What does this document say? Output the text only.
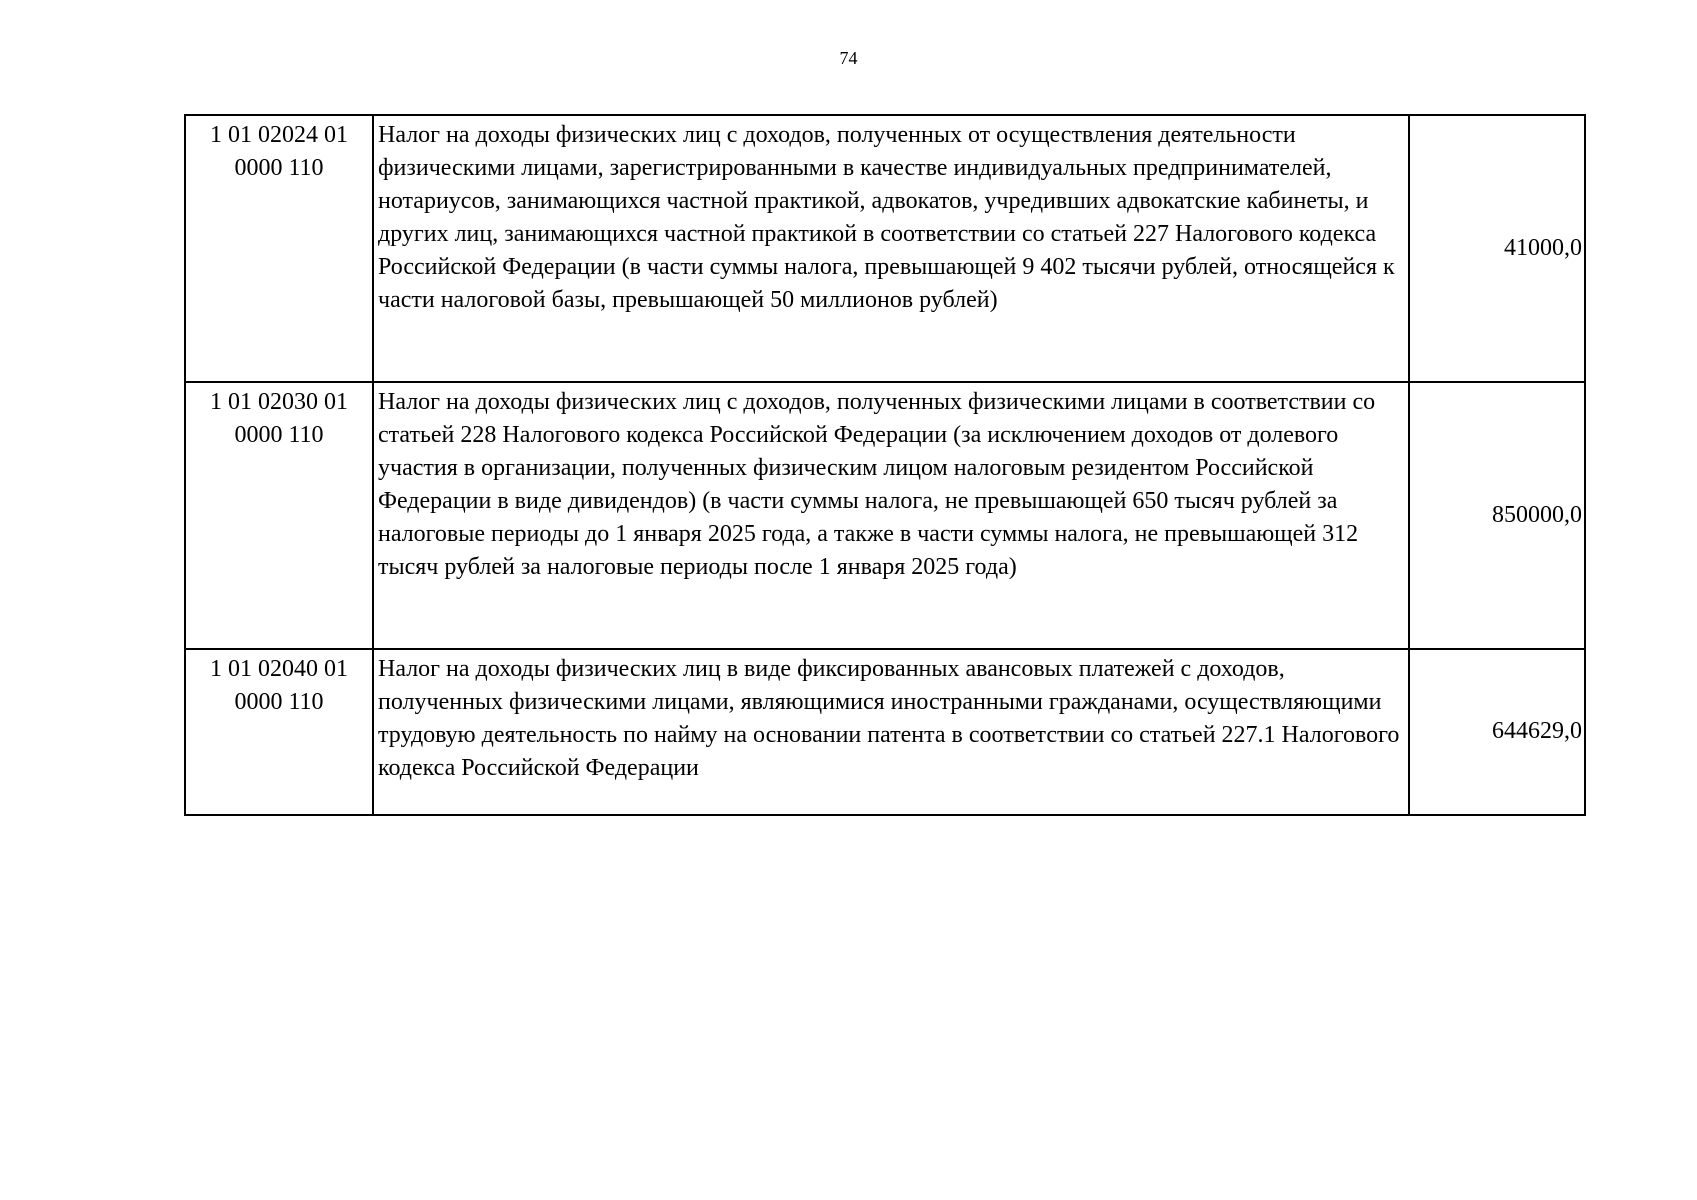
74
1 01 02024 01 0000 110	Налог на доходы физических лиц с доходов, полученных от осуществления деятельности физическими лицами, зарегистрированными в качестве индивидуальных предпринимателей, нотариусов, занимающихся частной практикой, адвокатов, учредивших адвокатские кабинеты, и других лиц, занимающихся частной практикой в соответствии со статьей 227 Налогового кодекса Российской Федерации (в части суммы налога, превышающей 9 402 тысячи рублей, относящейся к части налоговой базы, превышающей 50 миллионов рублей)	41000,0
1 01 02030 01 0000 110	Налог на доходы физических лиц с доходов, полученных физическими лицами в соответствии со статьей 228 Налогового кодекса Российской Федерации (за исключением доходов от долевого участия в организации, полученных физическим лицом налоговым резидентом Российской Федерации в виде дивидендов) (в части суммы налога, не превышающей 650 тысяч рублей за налоговые периоды до 1 января 2025 года, а также в части суммы налога, не превышающей 312 тысяч рублей за налоговые периоды после 1 января 2025 года)	850000,0
1 01 02040 01 0000 110	Налог на доходы физических лиц в виде фиксированных авансовых платежей с доходов, полученных физическими лицами, являющимися иностранными гражданами, осуществляющими трудовую деятельность по найму на основании патента в соответствии со статьей 227.1 Налогового кодекса Российской Федерации	644629,0
